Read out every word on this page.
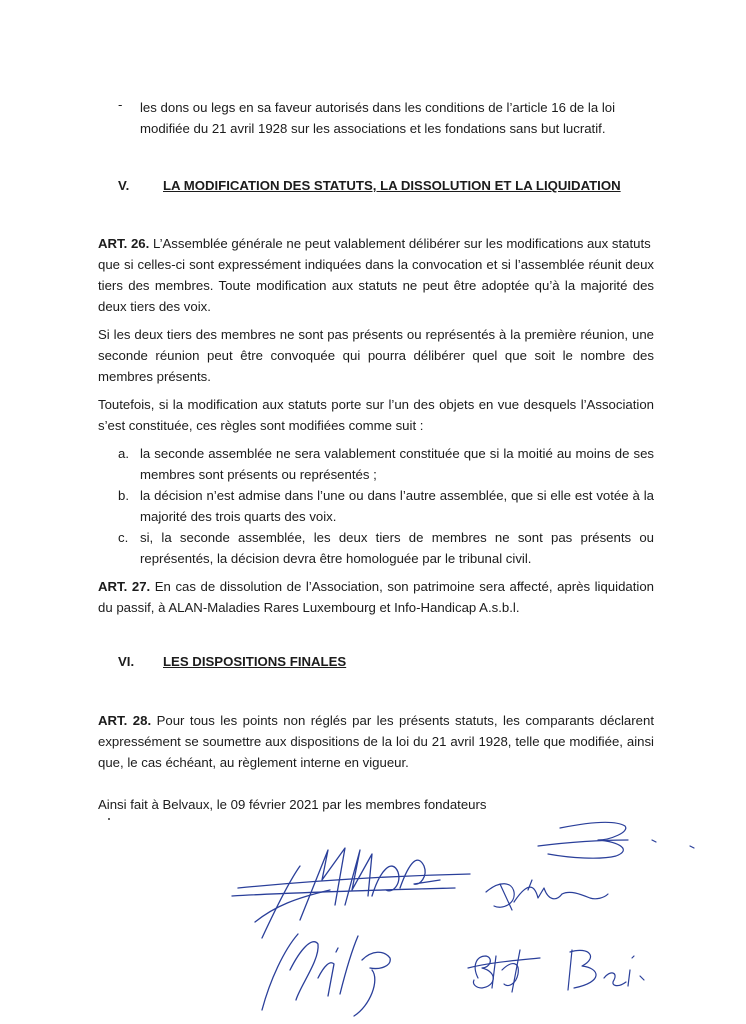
- les dons ou legs en sa faveur autorisés dans les conditions de l’article 16 de la loi
modifiée du 21 avril 1928 sur les associations et les fondations sans but lucratif.
V.	LA MODIFICATION DES STATUTS, LA DISSOLUTION ET LA LIQUIDATION
ART. 26. L’Assemblée générale ne peut valablement délibérer sur les modifications aux statuts
que si celles-ci sont expressément indiquées dans la convocation et si l’assemblée réunit deux
tiers des membres. Toute modification aux statuts ne peut être adoptée qu’à la majorité des
deux tiers des voix.
Si les deux tiers des membres ne sont pas présents ou représentés à la première réunion, une
seconde réunion peut être convoquée qui pourra délibérer quel que soit le nombre des
membres présents.
Toutefois, si la modification aux statuts porte sur l’un des objets en vue desquels l’Association
s’est constituée, ces règles sont modifiées comme suit :
a. la seconde assemblée ne sera valablement constituée que si la moitié au moins de ses
membres sont présents ou représentés ;
b. la décision n’est admise dans l’une ou dans l’autre assemblée, que si elle est votée à la
majorité des trois quarts des voix.
c. si, la seconde assemblée, les deux tiers de membres ne sont pas présents ou
représentés, la décision devra être homologuée par le tribunal civil.
ART. 27. En cas de dissolution de l’Association, son patrimoine sera affecté, après liquidation
du passif, à ALAN-Maladies Rares Luxembourg et Info-Handicap A.s.b.l.
VI. LES DISPOSITIONS FINALES
ART. 28. Pour tous les points non réglés par les présents statuts, les comparants déclarent
expressément se soumettre aux dispositions de la loi du 21 avril 1928, telle que modifiée, ainsi
que, le cas échéant, au règlement interne en vigueur.
Ainsi fait à Belvaux, le 09 février 2021 par les membres fondateurs
